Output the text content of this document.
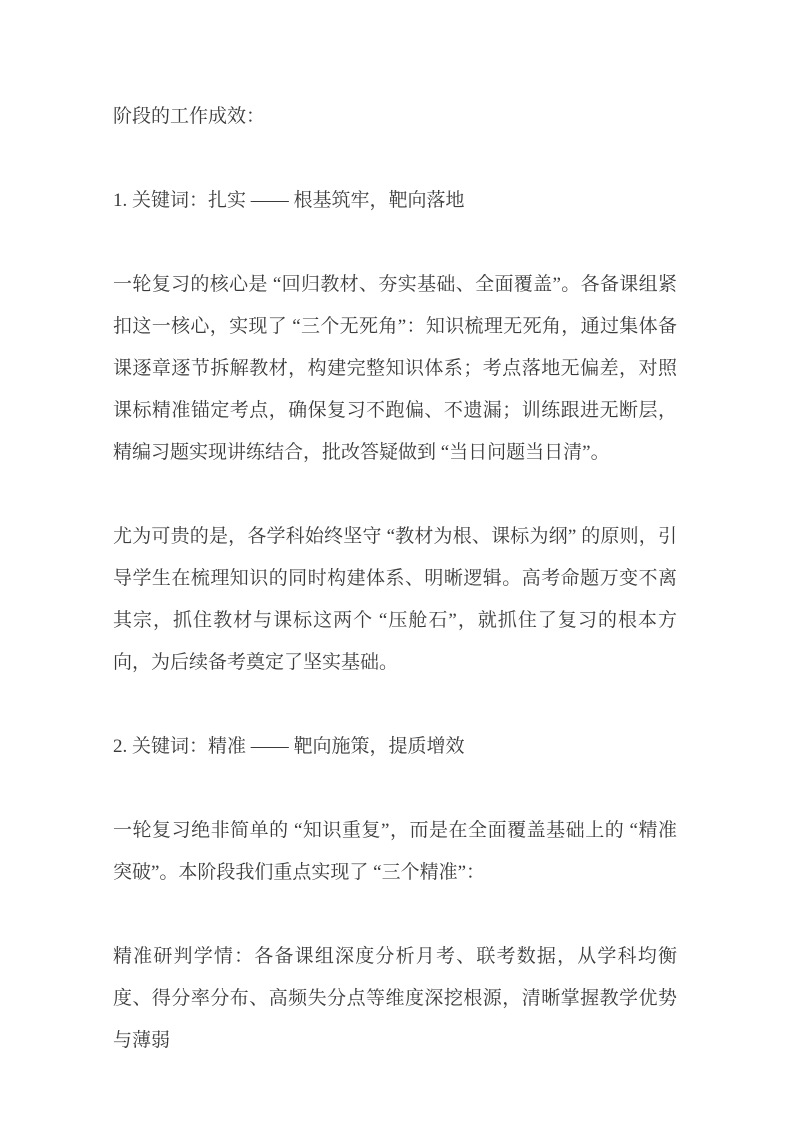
阶段的工作成效：

1. 关键词：扎实 —— 根基筑牢，靶向落地

一轮复习的核心是 “回归教材、夯实基础、全面覆盖”。各备课组紧扣这一核心，实现了 “三个无死角”：知识梳理无死角，通过集体备课逐章逐节拆解教材，构建完整知识体系；考点落地无偏差，对照课标精准锚定考点，确保复习不跑偏、不遗漏；训练跟进无断层，精编习题实现讲练结合，批改答疑做到 “当日问题当日清”。

尤为可贵的是，各学科始终坚守 “教材为根、课标为纲” 的原则，引导学生在梳理知识的同时构建体系、明晰逻辑。高考命题万变不离其宗，抓住教材与课标这两个 “压舱石”，就抓住了复习的根本方向，为后续备考奠定了坚实基础。

2. 关键词：精准 —— 靶向施策，提质增效

一轮复习绝非简单的 “知识重复”，而是在全面覆盖基础上的 “精准突破”。本阶段我们重点实现了 “三个精准”：

精准研判学情：各备课组深度分析月考、联考数据，从学科均衡度、得分率分布、高频失分点等维度深挖根源，清晰掌握教学优势与薄弱
